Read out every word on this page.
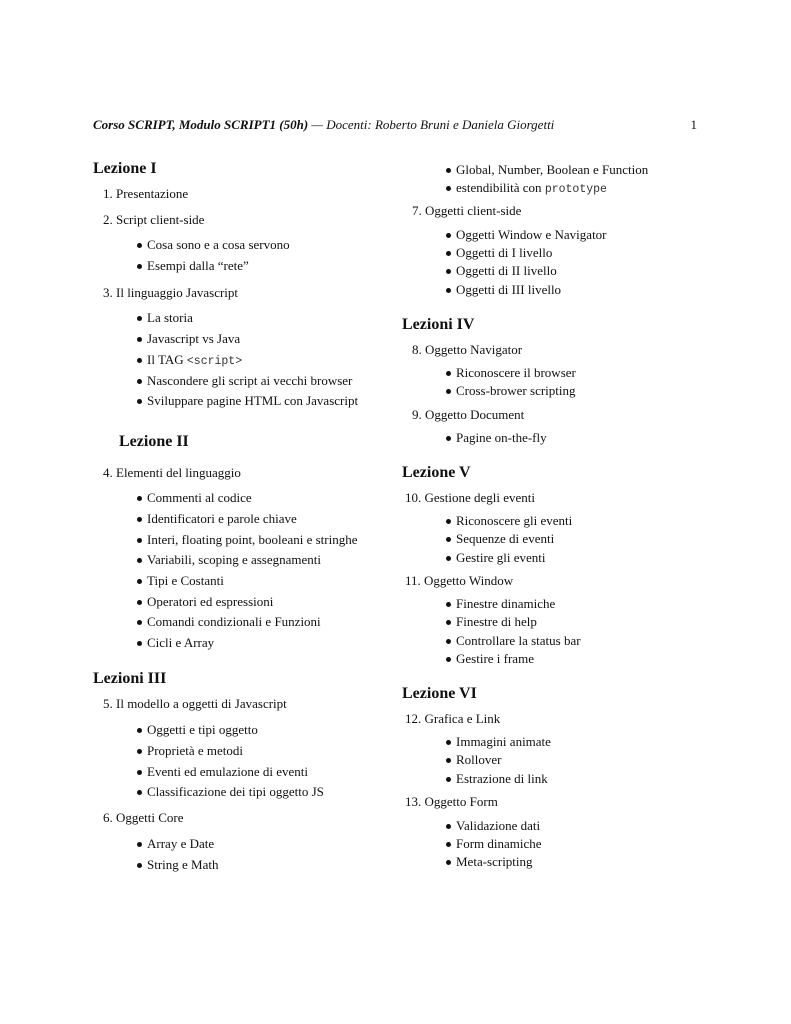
Corso SCRIPT, Modulo SCRIPT1 (50h) — Docenti: Roberto Bruni e Daniela Giorgetti	1
Lezione I
1. Presentazione
2. Script client-side
Cosa sono e a cosa servono
Esempi dalla “rete”
3. Il linguaggio Javascript
La storia
Javascript vs Java
Il TAG <script>
Nascondere gli script ai vecchi browser
Sviluppare pagine HTML con Javascript
Lezione II
4. Elementi del linguaggio
Commenti al codice
Identificatori e parole chiave
Interi, floating point, booleani e stringhe
Variabili, scoping e assegnamenti
Tipi e Costanti
Operatori ed espressioni
Comandi condizionali e Funzioni
Cicli e Array
Lezioni III
5. Il modello a oggetti di Javascript
Oggetti e tipi oggetto
Proprietà e metodi
Eventi ed emulazione di eventi
Classificazione dei tipi oggetto JS
6. Oggetti Core
Array e Date
String e Math
Global, Number, Boolean e Function
estendibilità con prototype
7. Oggetti client-side
Oggetti Window e Navigator
Oggetti di I livello
Oggetti di II livello
Oggetti di III livello
Lezioni IV
8. Oggetto Navigator
Riconoscere il browser
Cross-brower scripting
9. Oggetto Document
Pagine on-the-fly
Lezione V
10. Gestione degli eventi
Riconoscere gli eventi
Sequenze di eventi
Gestire gli eventi
11. Oggetto Window
Finestre dinamiche
Finestre di help
Controllare la status bar
Gestire i frame
Lezione VI
12. Grafica e Link
Immagini animate
Rollover
Estrazione di link
13. Oggetto Form
Validazione dati
Form dinamiche
Meta-scripting
